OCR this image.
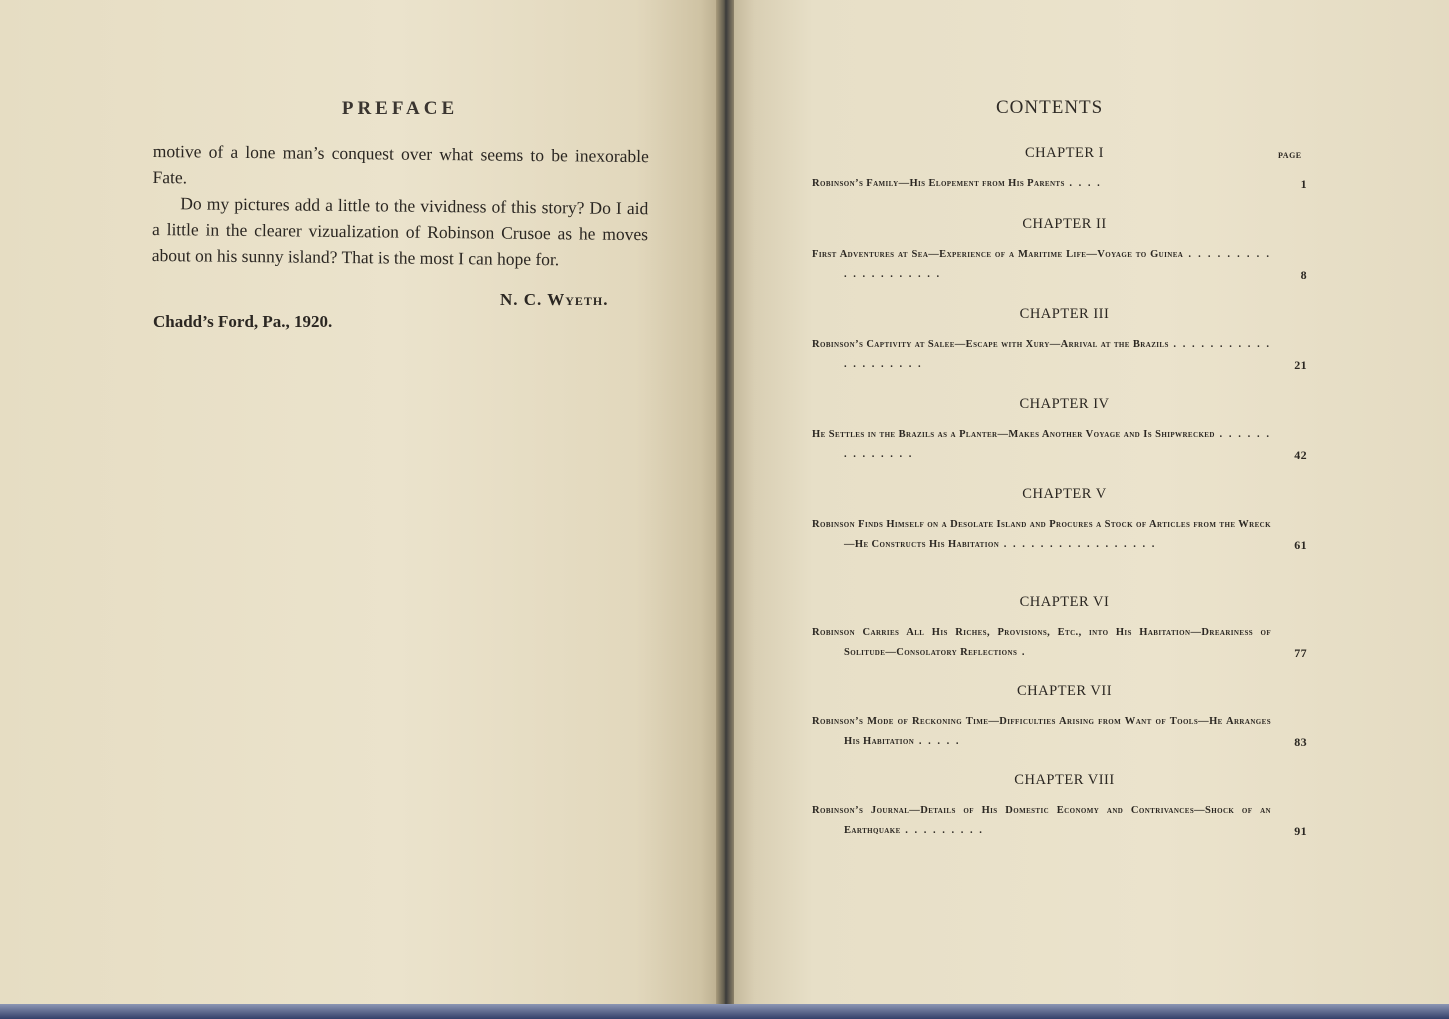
PREFACE

motive of a lone man’s conquest over what seems to be inexorable Fate.

Do my pictures add a little to the vividness of this story? Do I aid a little in the clearer vizualization of Robinson Crusoe as he moves about on his sunny island? That is the most I can hope for.

N. C. Wyeth.
Chadd’s Ford, Pa., 1920.
CONTENTS
PAGE
CHAPTER I
Robinson’s Family—His Elopement from His Parents . . . .	1
CHAPTER II
First Adventures at Sea—Experience of a Maritime Life—Voyage to Guinea . . . . . . . . . . . . . . . . . . . .	8
CHAPTER III
Robinson’s Captivity at Salee—Escape with Xury—Arrival at the Brazils . . . . . . . . . . . . . . . . . . . .	21
CHAPTER IV
He Settles in the Brazils as a Planter—Makes Another Voyage and Is Shipwrecked . . . . . . . . . . . . . .	42
CHAPTER V
Robinson Finds Himself on a Desolate Island and Procures a Stock of Articles from the Wreck—He Constructs His Habitation . . . . . . . . . . . . . . . . .	61
CHAPTER VI
Robinson Carries All His Riches, Provisions, Etc., into His Habitation—Dreariness of Solitude—Consolatory Reflections .	77
CHAPTER VII
Robinson’s Mode of Reckoning Time—Difficulties Arising from Want of Tools—He Arranges His Habitation . . . . .	83
CHAPTER VIII
Robinson’s Journal—Details of His Domestic Economy and Contrivances—Shock of an Earthquake . . . . . . . . .	91
